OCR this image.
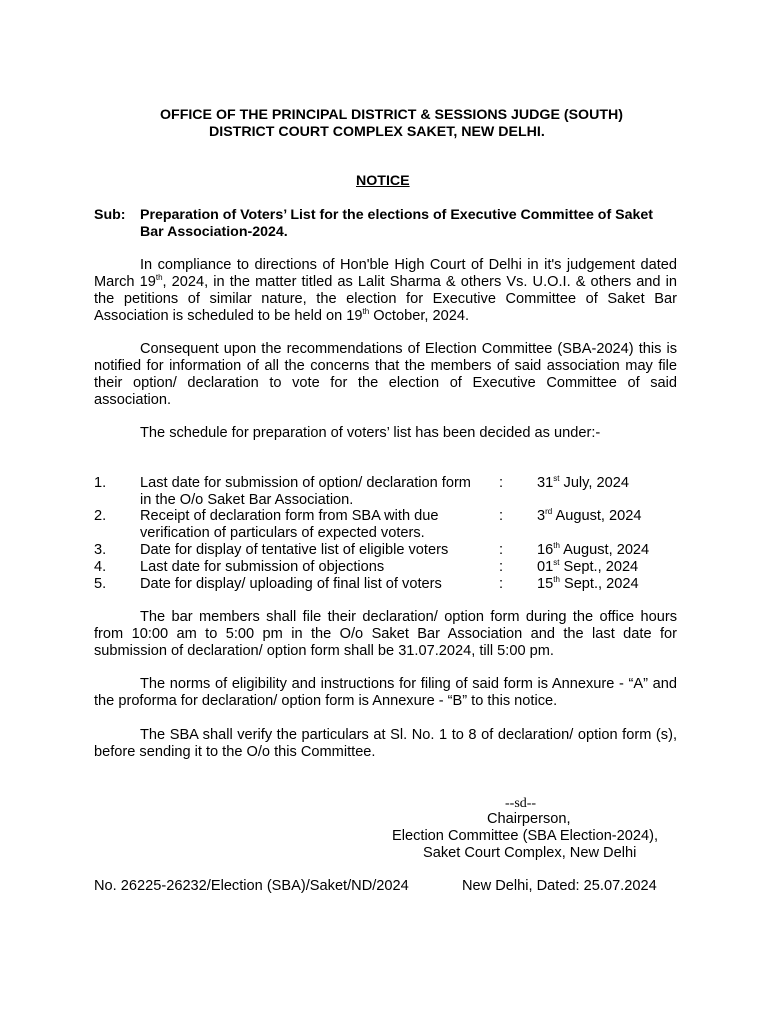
OFFICE OF THE PRINCIPAL DISTRICT & SESSIONS JUDGE (SOUTH)
DISTRICT COURT COMPLEX SAKET, NEW DELHI.
NOTICE
Sub: Preparation of Voters’ List for the elections of Executive Committee of Saket Bar Association-2024.
In compliance to directions of Hon'ble High Court of Delhi in it's judgement dated March 19th, 2024, in the matter titled as Lalit Sharma & others Vs. U.O.I. & others and in the petitions of similar nature, the election for Executive Committee of Saket Bar Association is scheduled to be held on 19th October, 2024.
Consequent upon the recommendations of Election Committee (SBA-2024) this is notified for information of all the concerns that the members of said association may file their option/ declaration to vote for the election of Executive Committee of said association.
The schedule for preparation of voters’ list has been decided as under:-
1. Last date for submission of option/ declaration form
in the O/o Saket Bar Association.
: 31st July, 2024
2. Receipt of declaration form from SBA with due
verification of particulars of expected voters.
: 3rd August, 2024
3. Date for display of tentative list of eligible voters	: 16th August, 2024
4. Last date for submission of objections	: 01st Sept., 2024
5. Date for display/ uploading of final list of voters	: 15th Sept., 2024
The bar members shall file their declaration/ option form during the office hours from 10:00 am to 5:00 pm in the O/o Saket Bar Association and the last date for submission of declaration/ option form shall be 31.07.2024, till 5:00 pm.
The norms of eligibility and instructions for filing of said form is Annexure - “A” and the proforma for declaration/ option form is Annexure - “B” to this notice.
The SBA shall verify the particulars at Sl. No. 1 to 8 of declaration/ option form (s), before sending it to the O/o this Committee.
--sd--
Chairperson,
Election Committee (SBA Election-2024),
Saket Court Complex, New Delhi
No. 26225-26232/Election (SBA)/Saket/ND/2024	New Delhi, Dated: 25.07.2024
